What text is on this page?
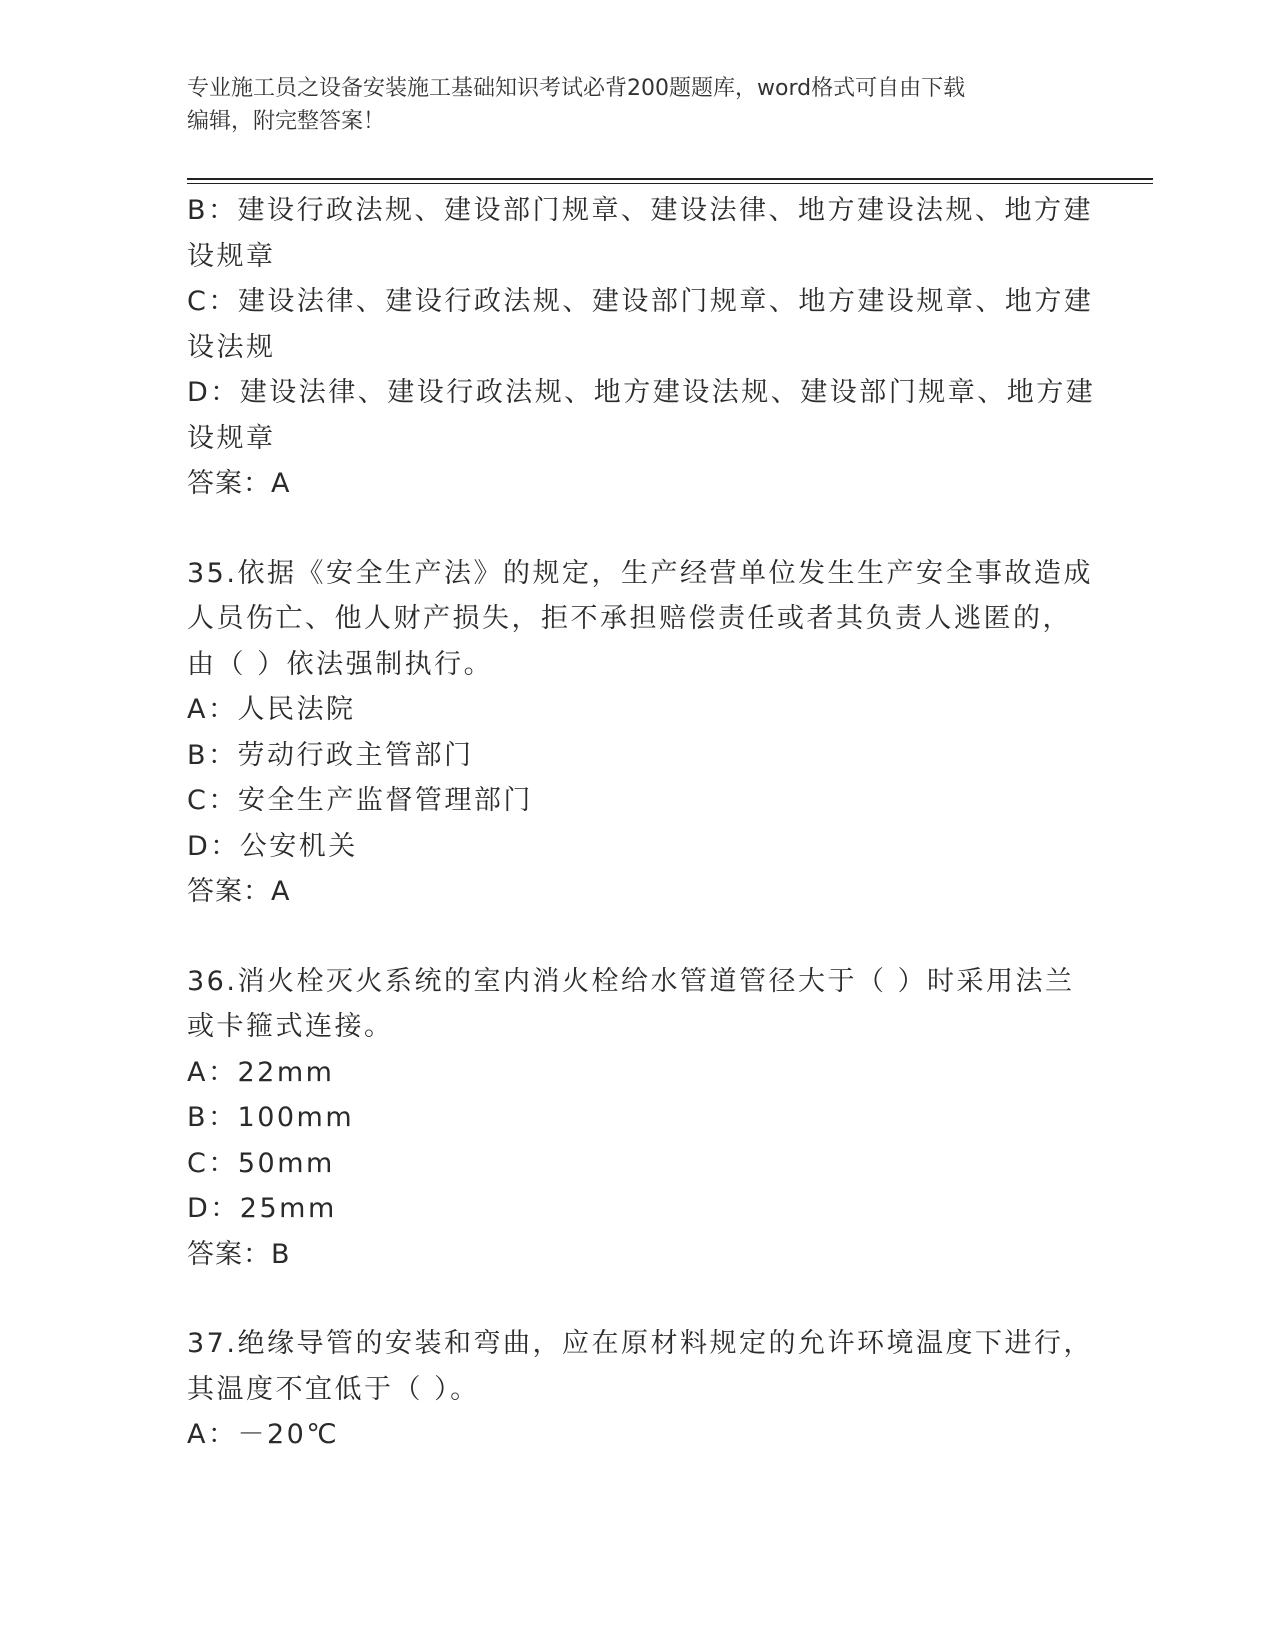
专业施工员之设备安装施工基础知识考试必背200题题库，word格式可自由下载
编辑，附完整答案！
B：建设行政法规、建设部门规章、建设法律、地方建设法规、地方建
设规章
C：建设法律、建设行政法规、建设部门规章、地方建设规章、地方建
设法规
D：建设法律、建设行政法规、地方建设法规、建设部门规章、地方建
设规章
答案：A
35.依据《安全生产法》的规定，生产经营单位发生生产安全事故造成
人员伤亡、他人财产损失，拒不承担赔偿责任或者其负责人逃匿的，
由（ ）依法强制执行。
A：人民法院
B：劳动行政主管部门
C：安全生产监督管理部门
D：公安机关
答案：A
36.消火栓灭火系统的室内消火栓给水管道管径大于（ ）时采用法兰
或卡箍式连接。
A：22mm
B：100mm
C：50mm
D：25mm
答案：B
37.绝缘导管的安装和弯曲，应在原材料规定的允许环境温度下进行，
其温度不宜低于（ ）。
A：－20℃
